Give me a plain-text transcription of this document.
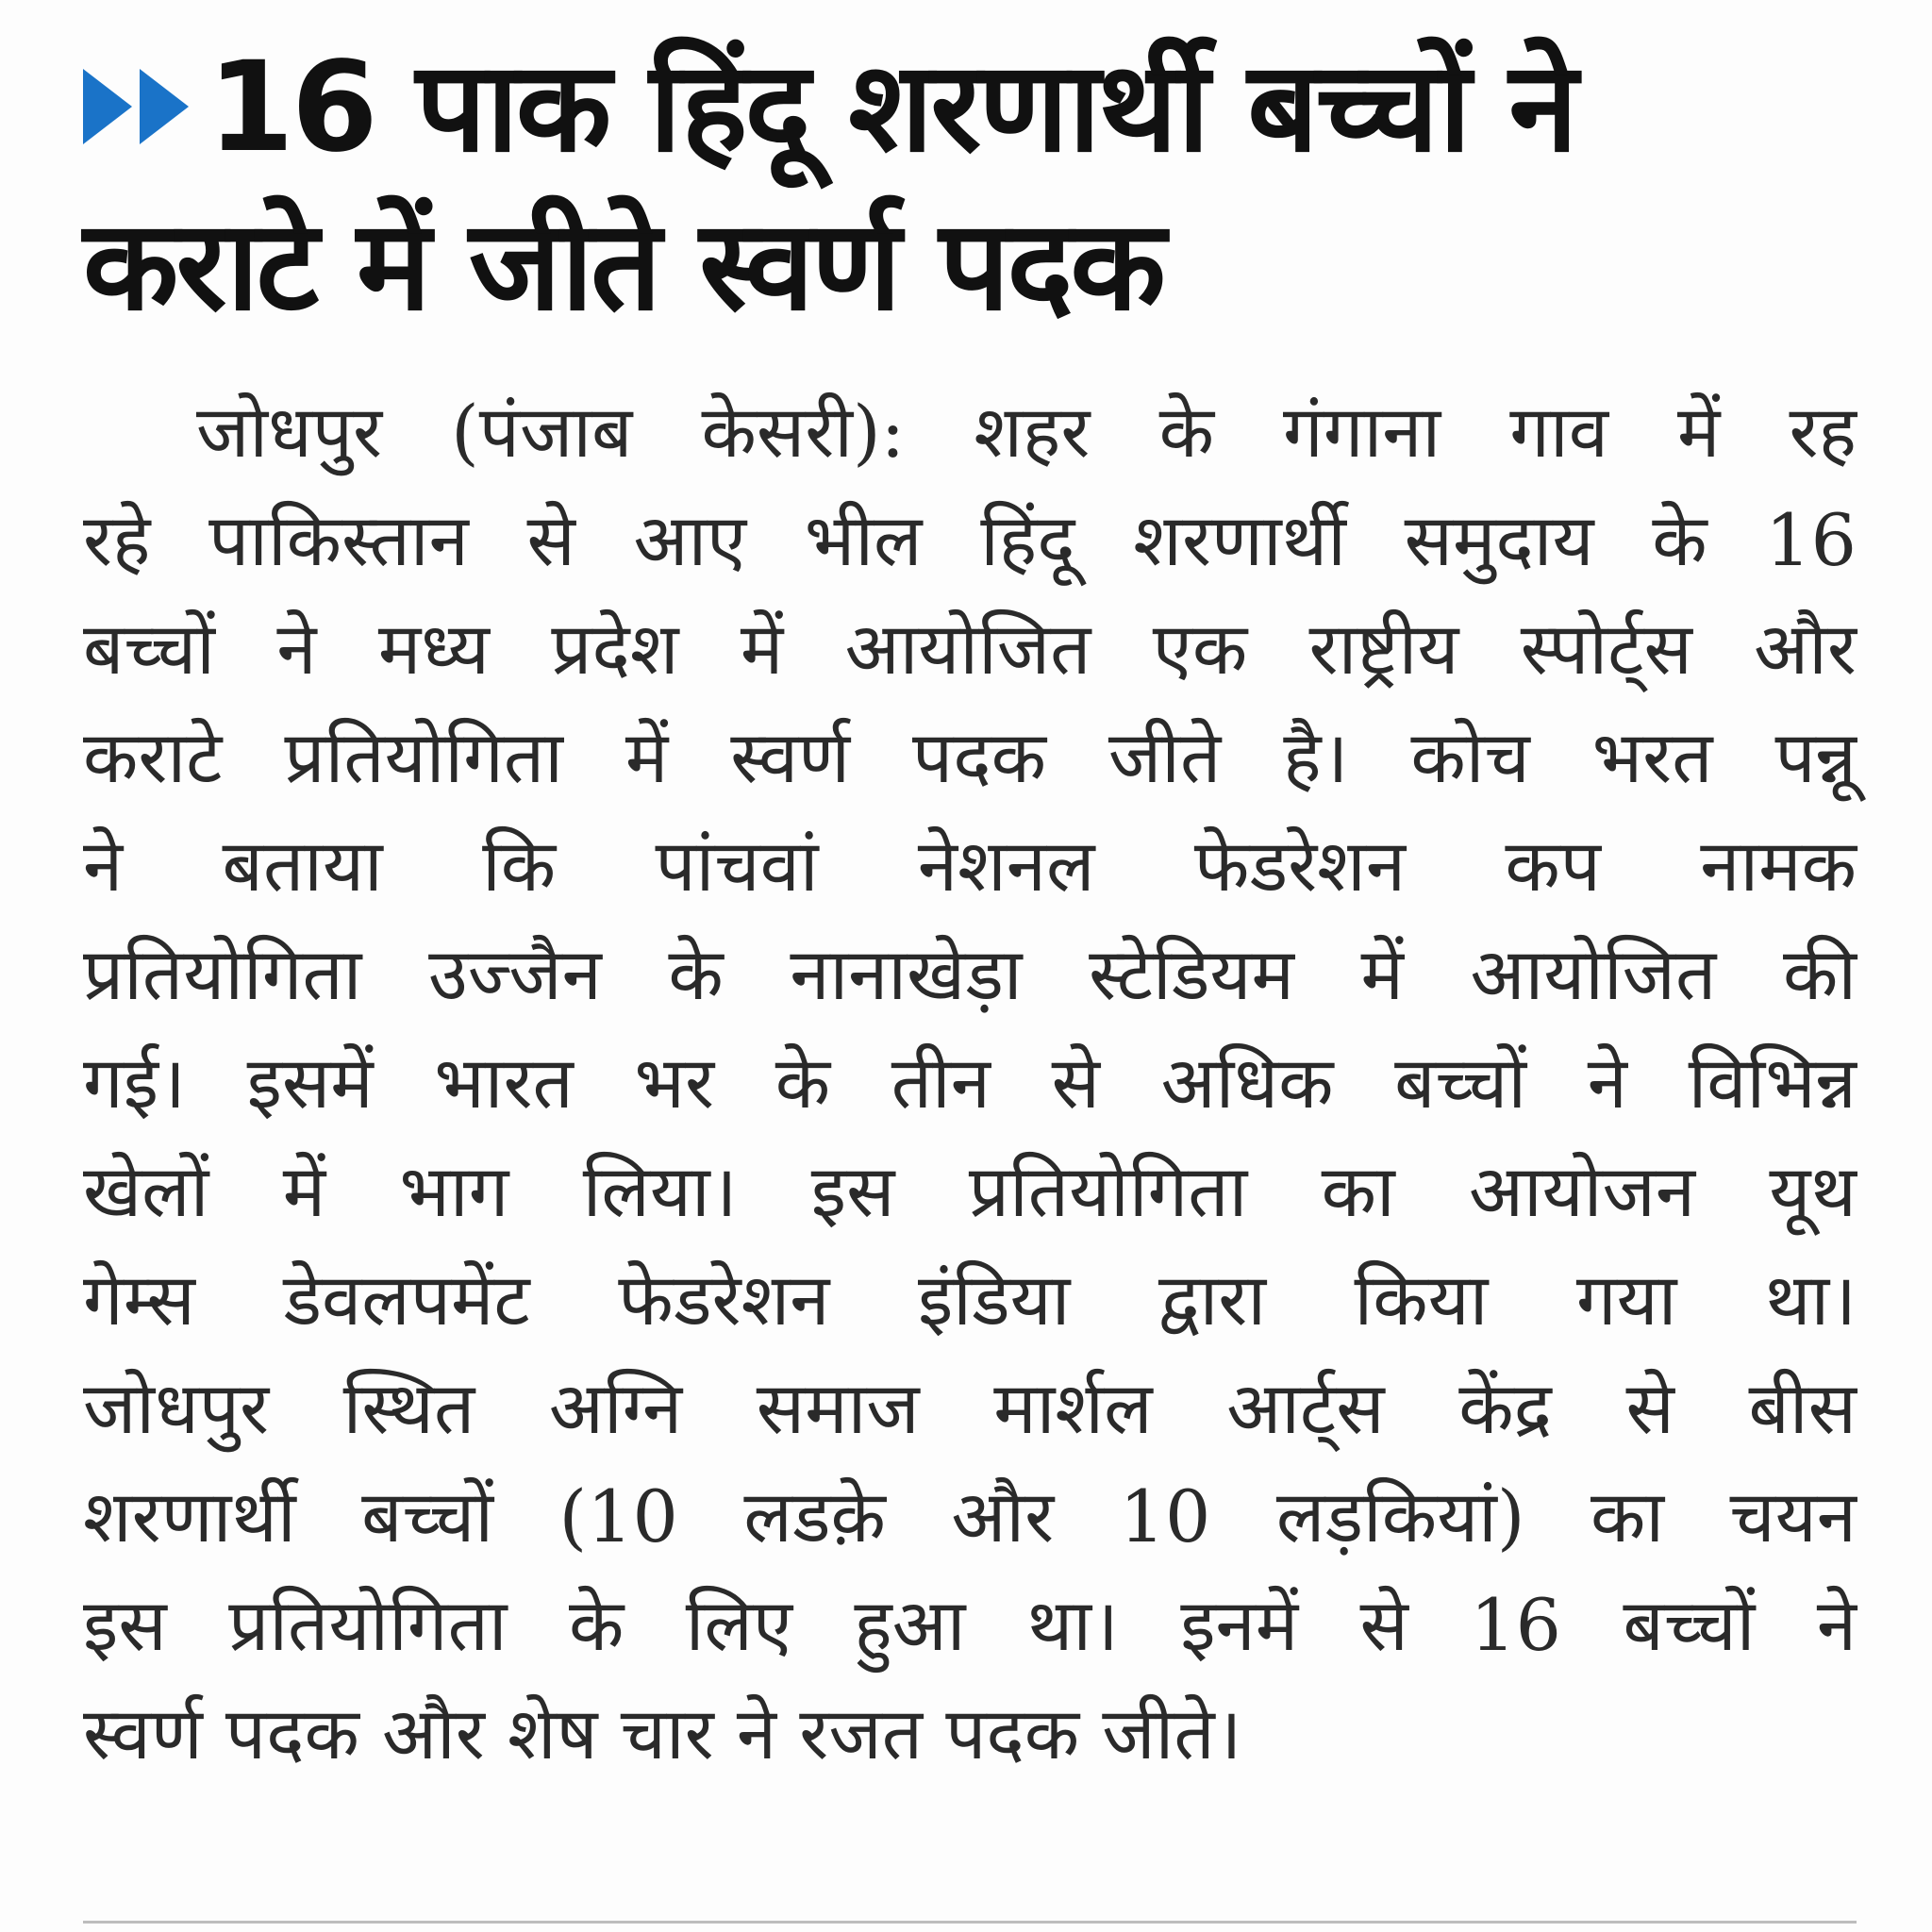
16 पाक हिंदू शरणार्थी बच्चों ने
कराटे में जीते स्वर्ण पदक
जोधपुर (पंजाब केसरी): शहर के गंगाना गाव में रह
रहे पाकिस्तान से आए भील हिंदू शरणार्थी समुदाय के 16
बच्चों ने मध्य प्रदेश में आयोजित एक राष्ट्रीय स्पोर्ट्स और
कराटे प्रतियोगिता में स्वर्ण पदक जीते है। कोच भरत पन्नू
ने बताया कि पांचवां नेशनल फेडरेशन कप नामक
प्रतियोगिता उज्जैन के नानाखेड़ा स्टेडियम में आयोजित की
गई। इसमें भारत भर के तीन से अधिक बच्चों ने विभिन्न
खेलों में भाग लिया। इस प्रतियोगिता का आयोजन यूथ
गेम्स डेवलपमेंट फेडरेशन इंडिया द्वारा किया गया था।
जोधपुर स्थित अग्नि समाज मार्शल आर्ट्स केंद्र से बीस
शरणार्थी बच्चों (10 लडक़े और 10 लड़कियां) का चयन
इस प्रतियोगिता के लिए हुआ था। इनमें से 16 बच्चों ने
स्वर्ण पदक और शेष चार ने रजत पदक जीते।
